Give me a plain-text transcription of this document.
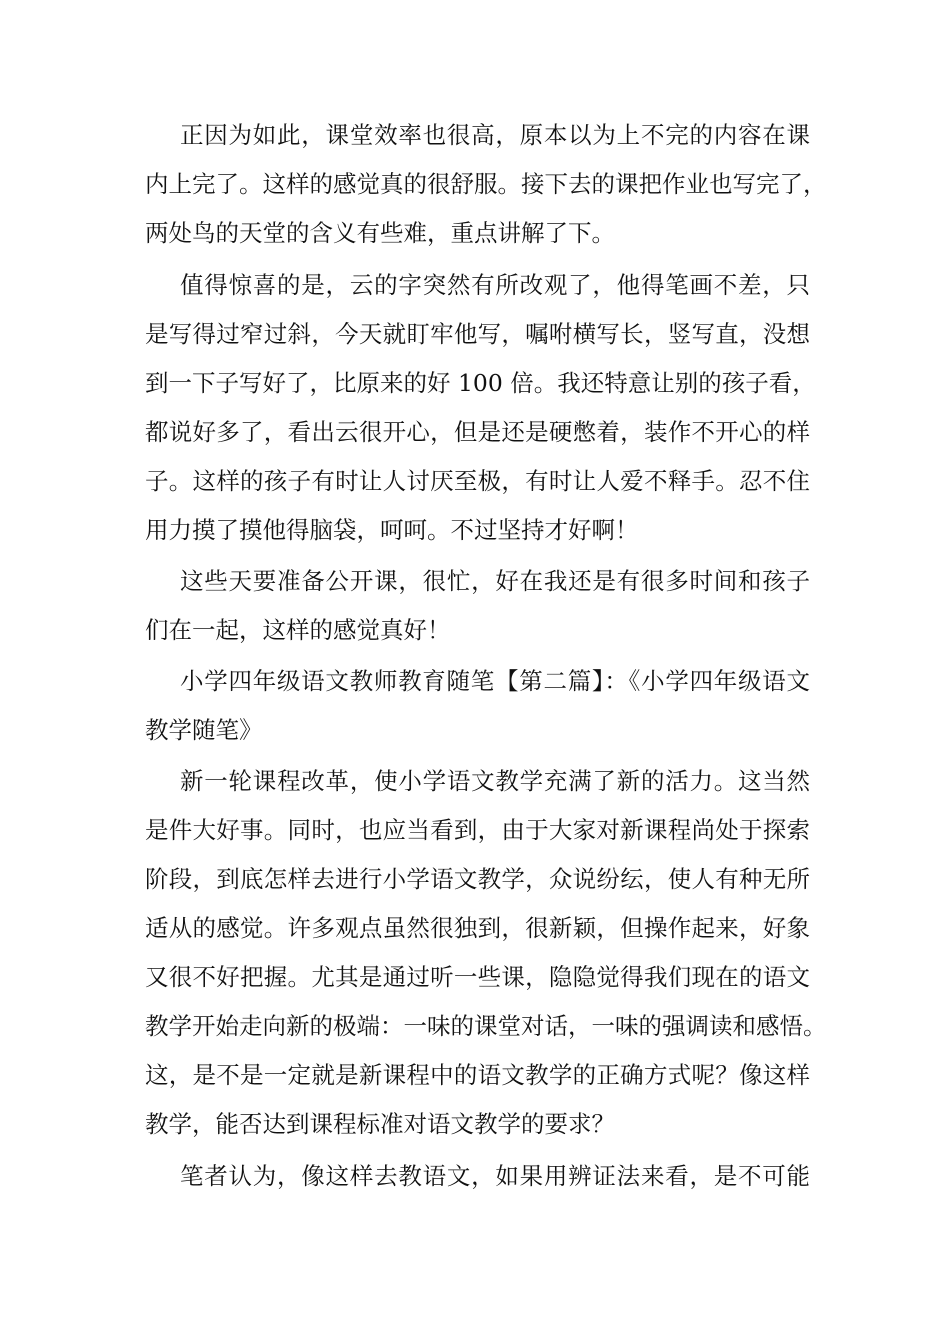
正因为如此，课堂效率也很高，原本以为上不完的内容在课
内上完了。这样的感觉真的很舒服。接下去的课把作业也写完了，
两处鸟的天堂的含义有些难，重点讲解了下。
值得惊喜的是，云的字突然有所改观了，他得笔画不差，只
是写得过窄过斜，今天就盯牢他写，嘱咐横写长，竖写直，没想
到一下子写好了，比原来的好 100 倍。我还特意让别的孩子看，
都说好多了，看出云很开心，但是还是硬憋着，装作不开心的样
子。这样的孩子有时让人讨厌至极，有时让人爱不释手。忍不住
用力摸了摸他得脑袋，呵呵。不过坚持才好啊！
这些天要准备公开课，很忙，好在我还是有很多时间和孩子
们在一起，这样的感觉真好！
小学四年级语文教师教育随笔【第二篇】：《小学四年级语文
教学随笔》
新一轮课程改革，使小学语文教学充满了新的活力。这当然
是件大好事。同时，也应当看到，由于大家对新课程尚处于探索
阶段，到底怎样去进行小学语文教学，众说纷纭，使人有种无所
适从的感觉。许多观点虽然很独到，很新颖，但操作起来，好象
又很不好把握。尤其是通过听一些课，隐隐觉得我们现在的语文
教学开始走向新的极端：一味的课堂对话，一味的强调读和感悟。
这，是不是一定就是新课程中的语文教学的正确方式呢？像这样
教学，能否达到课程标准对语文教学的要求？
笔者认为，像这样去教语文，如果用辨证法来看，是不可能
